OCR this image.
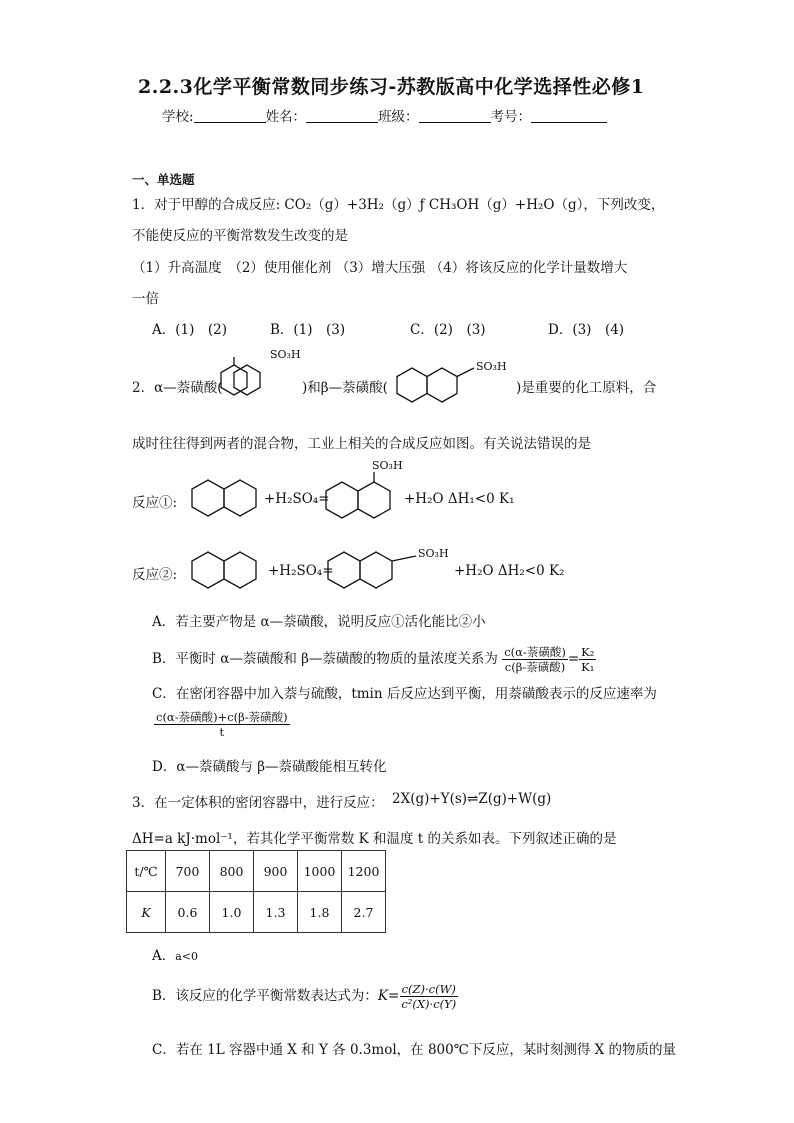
2.2.3化学平衡常数同步练习-苏教版高中化学选择性必修1
学校:	姓名：	班级：	考号：
一、单选题
1．对于甲醇的合成反应: CO₂（g）+3H₂（g）ƒ CH₃OH（g）+H₂O（g），下列改变，
不能使反应的平衡常数发生改变的是
（1）升高温度　（2）使用催化剂 （3）增大压强 （4）将该反应的化学计量数增大
一倍
A．(1)　(2)	B．(1)　(3)	C．(2)　(3)	D．(3)　(4)
2．α—萘磺酸(
SO₃H
)和β—萘磺酸(
SO₃H
)是重要的化工原料，合
成时往往得到两者的混合物，工业上相关的合成反应如图。有关说法错误的是
反应①:	+H₂SO₄=
SO₃H
+H₂O ΔH₁<0 K₁
反应②:	+H₂SO₄=
SO₃H
+H₂O ΔH₂<0 K₂
A．若主要产物是 α—萘磺酸，说明反应①活化能比②小
B．平衡时 α—萘磺酸和 β—萘磺酸的物质的量浓度关系为 $\frac{\text{c(α-萘磺酸)}}{\text{c(β-萘磺酸)}} = \frac{\text{K₂}}{\text{K₁}}$
C．在密闭容器中加入萘与硫酸，tmin 后反应达到平衡，用萘磺酸表示的反应速率为
$\frac{\text{c(α-萘磺酸)+c(β-萘磺酸)}}{t}$
D．α—萘磺酸与 β—萘磺酸能相互转化
3．在一定体积的密闭容器中，进行反应： 2X(g)+Y(s)⇌Z(g)+W(g)
ΔH=a kJ·mol⁻¹，若其化学平衡常数 K 和温度 t 的关系如表。下列叙述正确的是
t/℃	700	800	900	1000	1200
K	0.6	1.0	1.3	1.8	2.7
A．a<0
B．该反应的化学平衡常数表达式为：$K= \frac{c(Z)\cdot c(W)}{\text{c²(X)·c(Y)}}$
C．若在 1L 容器中通 X 和 Y 各 0.3mol，在 800℃下反应，某时刻测得 X 的物质的量
